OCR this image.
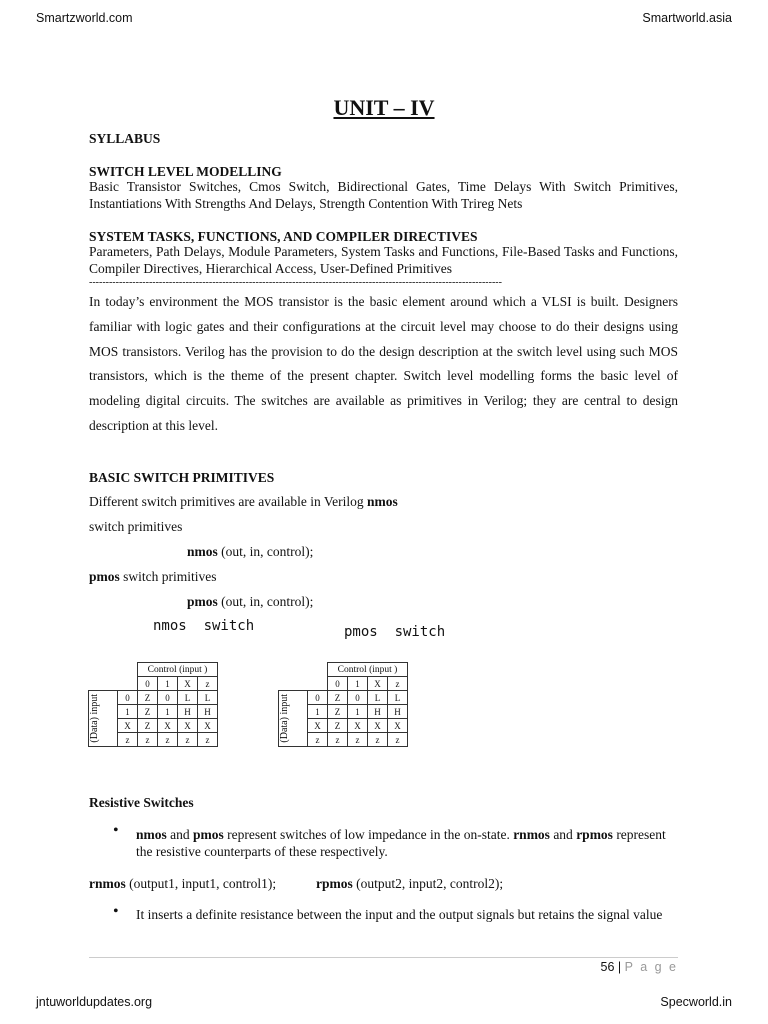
Smartzworld.com	Smartworld.asia
UNIT – IV
SYLLABUS
SWITCH LEVEL MODELLING
Basic Transistor Switches, Cmos Switch, Bidirectional Gates, Time Delays With Switch Primitives, Instantiations With Strengths And Delays, Strength Contention With Trireg Nets
SYSTEM TASKS, FUNCTIONS, AND COMPILER DIRECTIVES
Parameters, Path Delays, Module Parameters, System Tasks and Functions, File-Based Tasks and Functions, Compiler Directives, Hierarchical Access, User-Defined Primitives
----------------------------------------------------------------------------------------------------------------------------
In today’s environment the MOS transistor is the basic element around which a VLSI is built. Designers familiar with logic gates and their configurations at the circuit level may choose to do their designs using MOS transistors. Verilog has the provision to do the design description at the switch level using such MOS transistors, which is the theme of the present chapter. Switch level modelling forms the basic level of modeling digital circuits. The switches are available as primitives in Verilog; they are central to design description at this level.
BASIC SWITCH PRIMITIVES
Different switch primitives are available in Verilog nmos
switch primitives
nmos (out, in, control);
pmos switch primitives
pmos (out, in, control);
nmos  switch
		Control (input )			
		0	1	X	z

(Data) input	0	Z	0	L	L
	1	Z	1	H	H
	X	Z	X	X	X
	z	z	z	z	z
pmos  switch
		Control (input )			
		0	1	X	z

(Data) input	0	Z	0	L	L
	1	Z	1	H	H
	X	Z	X	X	X
	z	z	z	z	z
Resistive Switches
• nmos and pmos represent switches of low impedance in the on-state. rnmos and rpmos represent the resistive counterparts of these respectively.
rnmos (output1, input1, control1);	rpmos (output2, input2, control2);
• It inserts a definite resistance between the input and the output signals but retains the signal value
56 | P a g e
jntuworldupdates.org	Specworld.in
